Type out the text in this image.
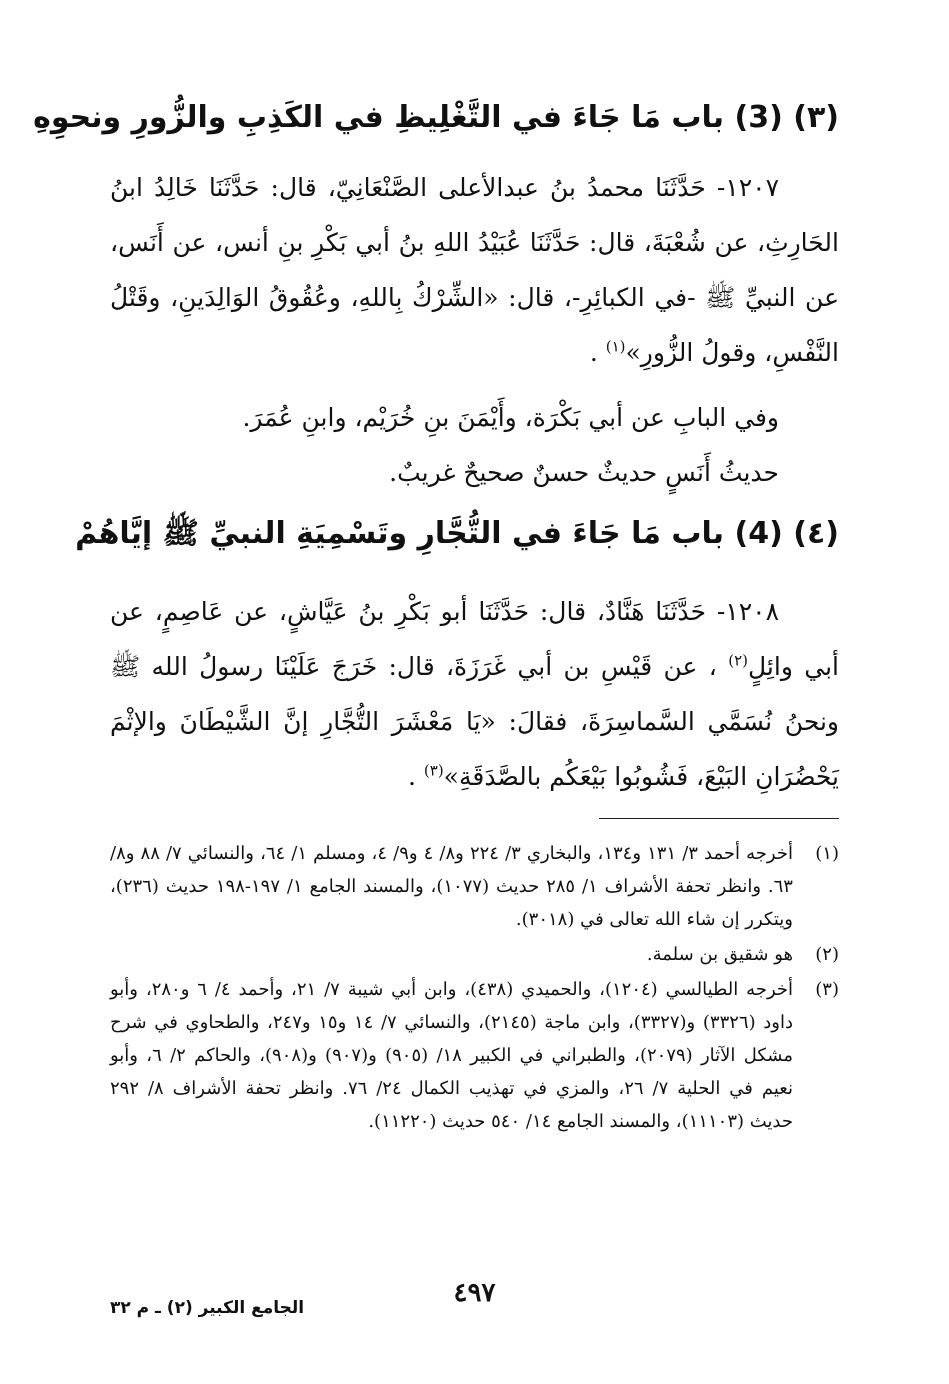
(٣) (3) باب مَا جَاءَ في التَّغْلِيظِ في الكَذِبِ والزُّورِ ونحوِهِ

١٢٠٧- حَدَّثَنَا محمدُ بنُ عبدالأعلى الصَّنْعَانِيّ، قال: حَدَّثَنَا خَالِدُ ابنُ الحَارِثِ، عن شُعْبَةَ، قال: حَدَّثَنَا عُبَيْدُ اللهِ بنُ أبي بَكْرِ بنِ أنس، عن أَنَس، عن النبيِّ ﷺ -في الكبائِرِ-، قال: «الشِّرْكُ بِاللهِ، وعُقُوقُ الوَالِدَينِ، وقَتْلُ النَّفْسِ، وقولُ الزُّورِ»$^{(١)}$ .

وفي البابِ عن أبي بَكْرَة، وأَيْمَنَ بنِ خُرَيْم، وابنِ عُمَرَ.

حديثُ أَنَسٍ حديثٌ حسنٌ صحيحٌ غريبٌ.

(٤) (4) باب مَا جَاءَ في التُّجَّارِ وتَسْمِيَةِ النبيِّ ﷺ إيَّاهُمْ

١٢٠٨- حَدَّثَنَا هَنَّادٌ، قال: حَدَّثَنَا أبو بَكْرِ بنُ عَيَّاشٍ، عن عَاصِمٍ، عن أبي وائِلٍ$^{(٢)}$ ، عن قَيْسِ بن أبي غَرَزَةَ، قال: خَرَجَ عَلَيْنَا رسولُ الله ﷺ ونحنُ نُسَمَّي السَّماسِرَةَ، فقالَ: «يَا مَعْشَرَ التُّجَّارِ إنَّ الشَّيْطَانَ والإثْمَ يَحْضُرَانِ البَيْعَ، فَشُوبُوا بَيْعَكُم بالصَّدَقَةِ»$^{(٣)}$ .

(١)
أخرجه أحمد ٣/ ١٣١ و١٣٤، والبخاري ٣/ ٢٢٤ و٨/ ٤ و٩/ ٤، ومسلم ١/ ٦٤، والنسائي ٧/ ٨٨ و٨/ ٦٣. وانظر تحفة الأشراف ١/ ٢٨٥ حديث (١٠٧٧)، والمسند الجامع ١/ ١٩٧-١٩٨ حديث (٢٣٦)، ويتكرر إن شاء الله تعالى في (٣٠١٨).
(٢)
هو شقيق بن سلمة.
(٣)
أخرجه الطيالسي (١٢٠٤)، والحميدي (٤٣٨)، وابن أبي شيبة ٧/ ٢١، وأحمد ٤/ ٦ و٢٨٠، وأبو داود (٣٣٢٦) و(٣٣٢٧)، وابن ماجة (٢١٤٥)، والنسائي ٧/ ١٤ و١٥ و٢٤٧، والطحاوي في شرح مشكل الآثار (٢٠٧٩)، والطبراني في الكبير ١٨/ (٩٠٥) و(٩٠٧) و(٩٠٨)، والحاكم ٢/ ٦، وأبو نعيم في الحلية ٧/ ٢٦، والمزي في تهذيب الكمال ٢٤/ ٧٦. وانظر تحفة الأشراف ٨/ ٢٩٢ حديث (١١١٠٣)، والمسند الجامع ١٤/ ٥٤٠ حديث (١١٢٢٠).
٤٩٧
الجامع الكبير (٢) ـ م ٣٢
